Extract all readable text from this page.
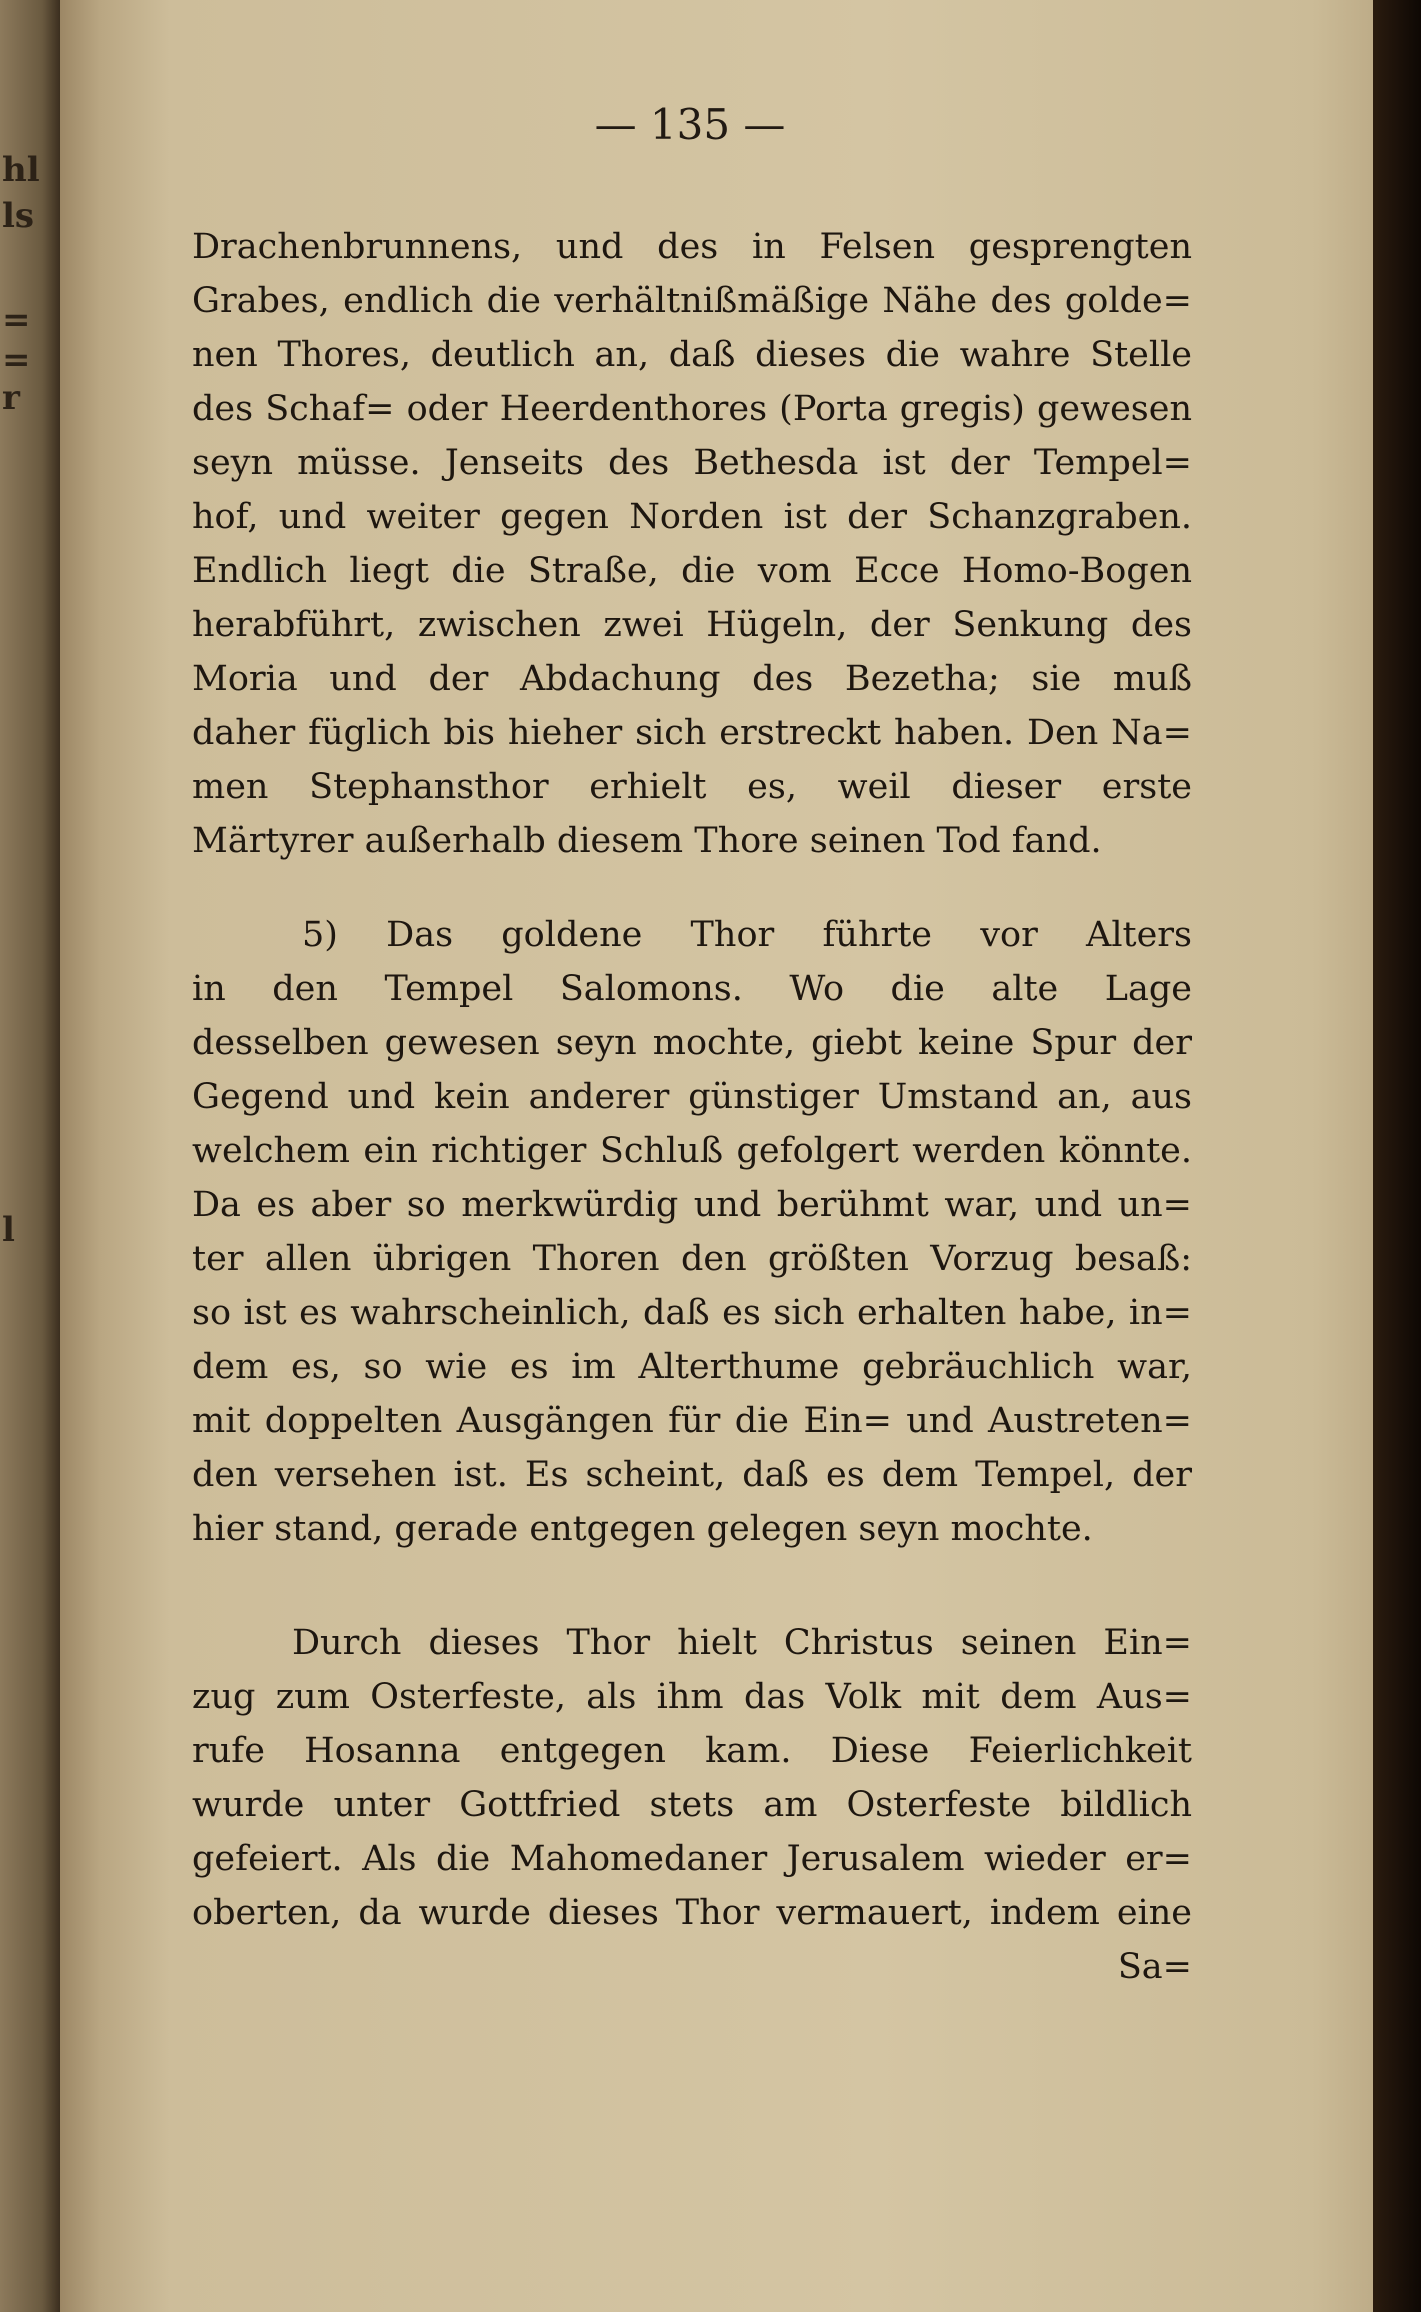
hl
ls
=
=
r
l
— 135 —
Drachenbrunnens, und des in Felsen gesprengten
Grabes, endlich die verhältnißmäßige Nähe des golde=
nen Thores, deutlich an, daß dieses die wahre Stelle
des Schaf= oder Heerdenthores (Porta gregis) gewesen
seyn müsse. Jenseits des Bethesda ist der Tempel=
hof, und weiter gegen Norden ist der Schanzgraben.
Endlich liegt die Straße, die vom Ecce Homo-Bogen
herabführt, zwischen zwei Hügeln, der Senkung des
Moria und der Abdachung des Bezetha; sie muß
daher füglich bis hieher sich erstreckt haben. Den Na=
men Stephansthor erhielt es, weil dieser erste
Märtyrer außerhalb diesem Thore seinen Tod fand.
5) Das goldene Thor führte vor Alters
in den Tempel Salomons. Wo die alte Lage
desselben gewesen seyn mochte, giebt keine Spur der
Gegend und kein anderer günstiger Umstand an, aus
welchem ein richtiger Schluß gefolgert werden könnte.
Da es aber so merkwürdig und berühmt war, und un=
ter allen übrigen Thoren den größten Vorzug besaß:
so ist es wahrscheinlich, daß es sich erhalten habe, in=
dem es, so wie es im Alterthume gebräuchlich war,
mit doppelten Ausgängen für die Ein= und Austreten=
den versehen ist. Es scheint, daß es dem Tempel, der
hier stand, gerade entgegen gelegen seyn mochte.
Durch dieses Thor hielt Christus seinen Ein=
zug zum Osterfeste, als ihm das Volk mit dem Aus=
rufe Hosanna entgegen kam. Diese Feierlichkeit
wurde unter Gottfried stets am Osterfeste bildlich
gefeiert. Als die Mahomedaner Jerusalem wieder er=
oberten, da wurde dieses Thor vermauert, indem eine
Sa=
